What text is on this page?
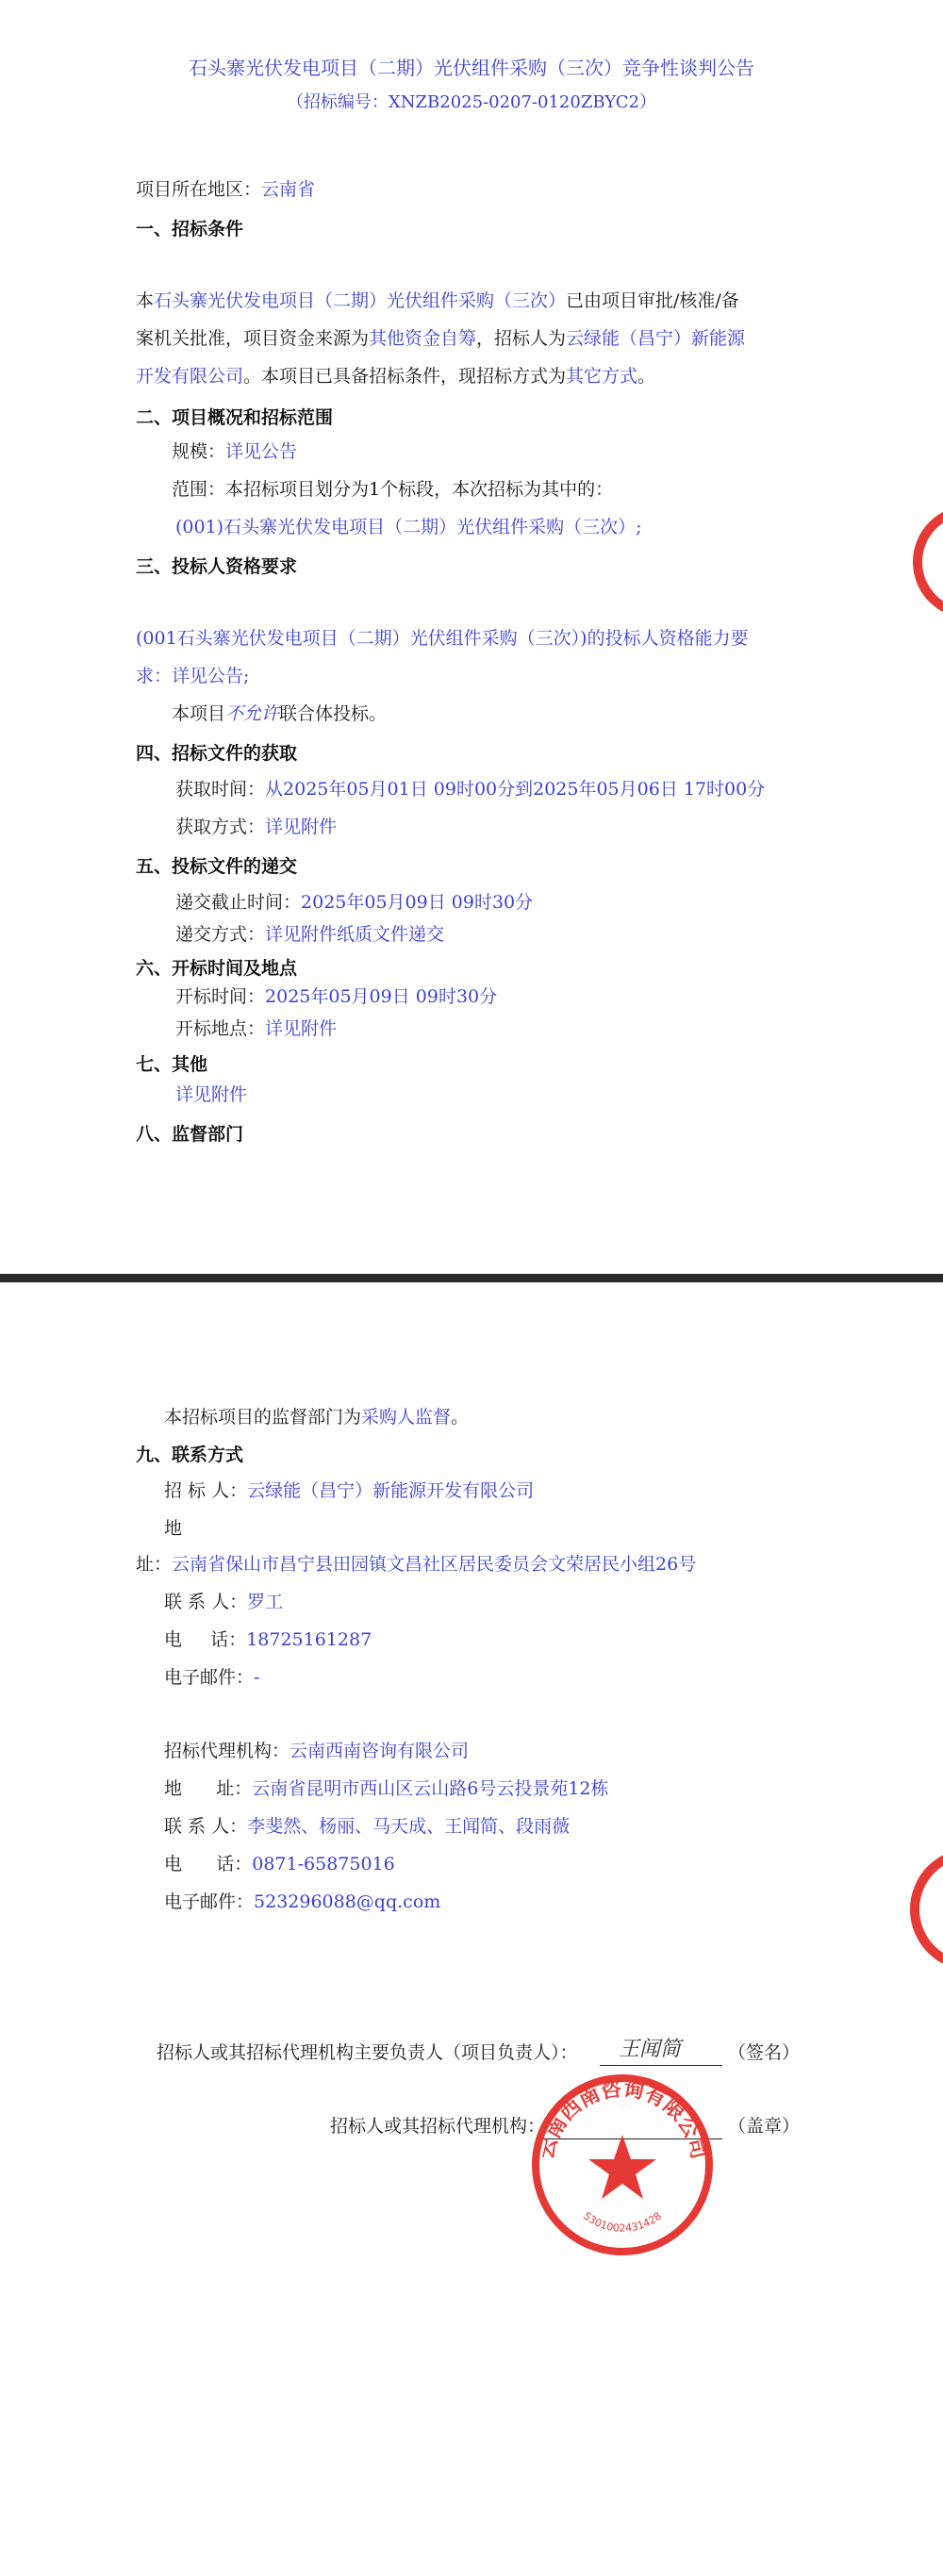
石头寨光伏发电项目（二期）光伏组件采购（三次）竞争性谈判公告
（招标编号：XNZB2025-0207-0120ZBYC2）
项目所在地区：云南省
一、招标条件
本石头寨光伏发电项目（二期）光伏组件采购（三次）已由项目审批/核准/备
案机关批准，项目资金来源为其他资金自筹，招标人为云绿能（昌宁）新能源
开发有限公司。本项目已具备招标条件，现招标方式为其它方式。
二、项目概况和招标范围
规模：详见公告
范围：本招标项目划分为1个标段，本次招标为其中的：
(001)石头寨光伏发电项目（二期）光伏组件采购（三次）;
三、投标人资格要求
(001石头寨光伏发电项目（二期）光伏组件采购（三次）)的投标人资格能力要
求：详见公告;
本项目不允许联合体投标。
四、招标文件的获取
获取时间：从2025年05月01日 09时00分到2025年05月06日 17时00分
获取方式：详见附件
五、投标文件的递交
递交截止时间：2025年05月09日 09时30分
递交方式：详见附件纸质文件递交
六、开标时间及地点
开标时间：2025年05月09日 09时30分
开标地点：详见附件
七、其他
详见附件
八、监督部门
本招标项目的监督部门为采购人监督。
九、联系方式
招 标 人：云绿能（昌宁）新能源开发有限公司
地
址：云南省保山市昌宁县田园镇文昌社区居民委员会文荣居民小组26号
联 系 人：罗工
电     话：18725161287
电子邮件：-
招标代理机构：云南西南咨询有限公司
地      址：云南省昆明市西山区云山路6号云投景苑12栋
联 系 人：李斐然、杨丽、马天成、王闻简、段雨薇
电      话：0871-65875016
电子邮件：523296088@qq.com
招标人或其招标代理机构主要负责人（项目负责人）： 王闻简	（签名）
招标人或其招标代理机构：	（盖章）
云南西南咨询有限公司
5301002431428
